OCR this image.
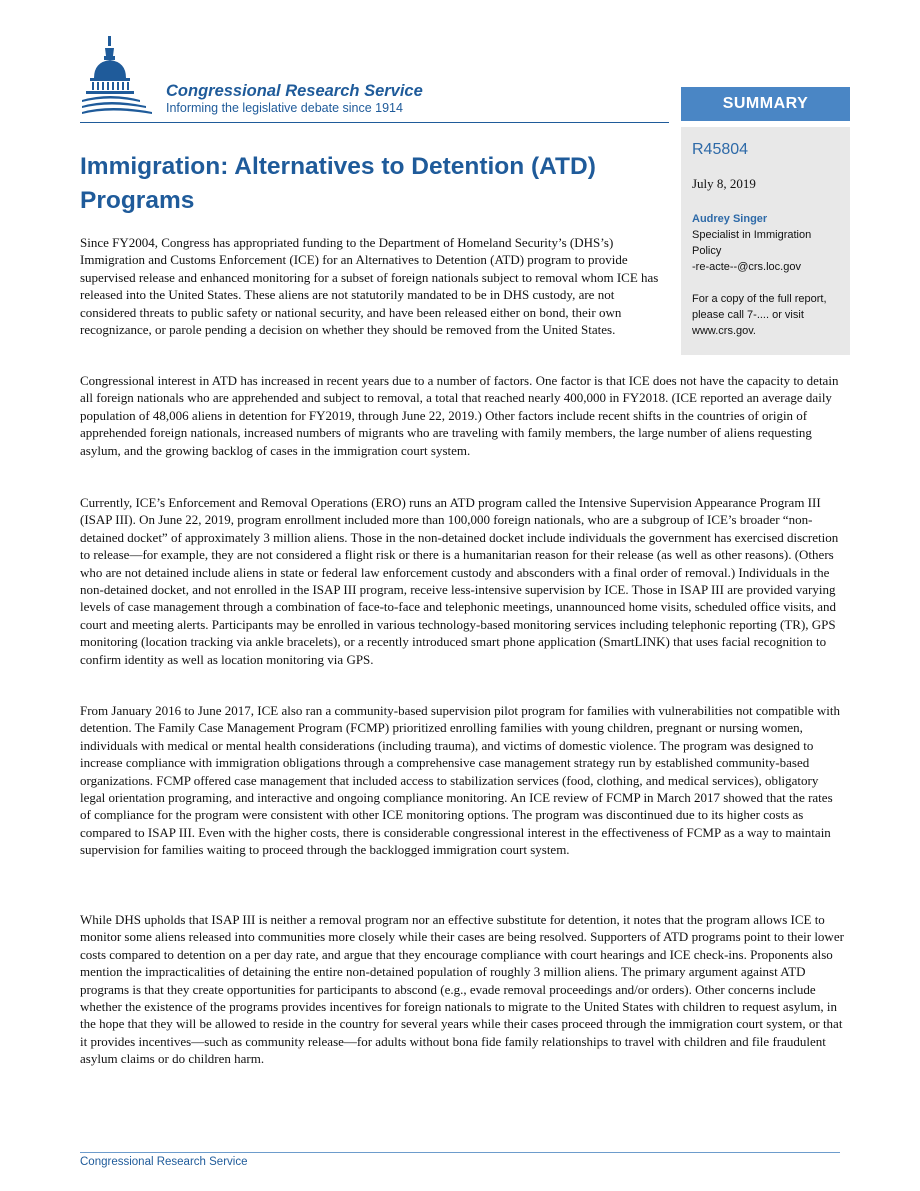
Congressional Research Service
Informing the legislative debate since 1914	SUMMARY
R45804
July 8, 2019
Audrey Singer
Specialist in Immigration
Policy
-re-acte--@crs.loc.gov
For a copy of the full report,
please call 7-.... or visit
www.crs.gov.
Immigration: Alternatives to Detention (ATD)
Programs

Since FY2004, Congress has appropriated funding to the Department of Homeland Security’s (DHS’s) Immigration and Customs Enforcement (ICE) for an Alternatives to Detention (ATD) program to provide supervised release and enhanced monitoring for a subset of foreign nationals subject to removal whom ICE has released into the United States. These aliens are not statutorily mandated to be in DHS custody, are not considered threats to public safety or national security, and have been released either on bond, their own recognizance, or parole pending a decision on whether they should be removed from the United States.

Congressional interest in ATD has increased in recent years due to a number of factors. One factor is that ICE does not have the capacity to detain all foreign nationals who are apprehended and subject to removal, a total that reached nearly 400,000 in FY2018. (ICE reported an average daily population of 48,006 aliens in detention for FY2019, through June 22, 2019.) Other factors include recent shifts in the countries of origin of apprehended foreign nationals, increased numbers of migrants who are traveling with family members, the large number of aliens requesting asylum, and the growing backlog of cases in the immigration court system.

Currently, ICE’s Enforcement and Removal Operations (ERO) runs an ATD program called the Intensive Supervision Appearance Program III (ISAP III). On June 22, 2019, program enrollment included more than 100,000 foreign nationals, who are a subgroup of ICE’s broader “non-detained docket” of approximately 3 million aliens. Those in the non-detained docket include individuals the government has exercised discretion to release—for example, they are not considered a flight risk or there is a humanitarian reason for their release (as well as other reasons). (Others who are not detained include aliens in state or federal law enforcement custody and absconders with a final order of removal.) Individuals in the non-detained docket, and not enrolled in the ISAP III program, receive less-intensive supervision by ICE. Those in ISAP III are provided varying levels of case management through a combination of face-to-face and telephonic meetings, unannounced home visits, scheduled office visits, and court and meeting alerts. Participants may be enrolled in various technology-based monitoring services including telephonic reporting (TR), GPS monitoring (location tracking via ankle bracelets), or a recently introduced smart phone application (SmartLINK) that uses facial recognition to confirm identity as well as location monitoring via GPS.

From January 2016 to June 2017, ICE also ran a community-based supervision pilot program for families with vulnerabilities not compatible with detention. The Family Case Management Program (FCMP) prioritized enrolling families with young children, pregnant or nursing women, individuals with medical or mental health considerations (including trauma), and victims of domestic violence. The program was designed to increase compliance with immigration obligations through a comprehensive case management strategy run by established community-based organizations. FCMP offered case management that included access to stabilization services (food, clothing, and medical services), obligatory legal orientation programing, and interactive and ongoing compliance monitoring. An ICE review of FCMP in March 2017 showed that the rates of compliance for the program were consistent with other ICE monitoring options. The program was discontinued due to its higher costs as compared to ISAP III. Even with the higher costs, there is considerable congressional interest in the effectiveness of FCMP as a way to maintain supervision for families waiting to proceed through the backlogged immigration court system.

While DHS upholds that ISAP III is neither a removal program nor an effective substitute for detention, it notes that the program allows ICE to monitor some aliens released into communities more closely while their cases are being resolved. Supporters of ATD programs point to their lower costs compared to detention on a per day rate, and argue that they encourage compliance with court hearings and ICE check-ins. Proponents also mention the impracticalities of detaining the entire non-detained population of roughly 3 million aliens. The primary argument against ATD programs is that they create opportunities for participants to abscond (e.g., evade removal proceedings and/or orders). Other concerns include whether the existence of the programs provides incentives for foreign nationals to migrate to the United States with children to request asylum, in the hope that they will be allowed to reside in the country for several years while their cases proceed through the immigration court system, or that it provides incentives—such as community release—for adults without bona fide family relationships to travel with children and file fraudulent asylum claims or do children harm.

Congressional Research Service
